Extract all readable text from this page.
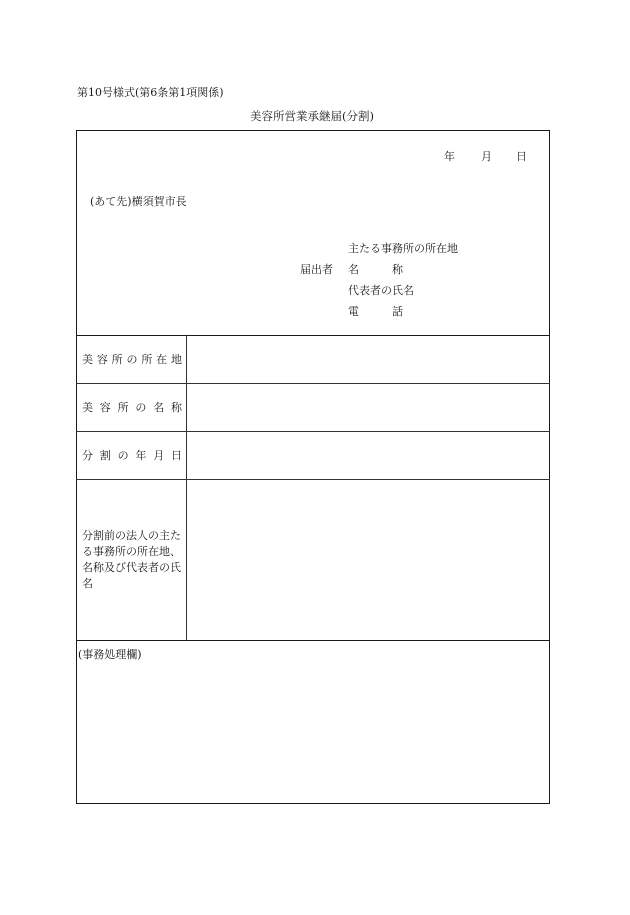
第10号様式(第6条第1項関係)
美容所営業承継届(分割)
年 月 日
(あて先)横須賀市長
届出者
主たる事務所の所在地
名　　　称
代表者の氏名
電　　　話
美容所の所在地
美容所の名称
分割の年月日
分割前の法人の主たる事務所の所在地、名称及び代表者の氏名
(事務処理欄)
